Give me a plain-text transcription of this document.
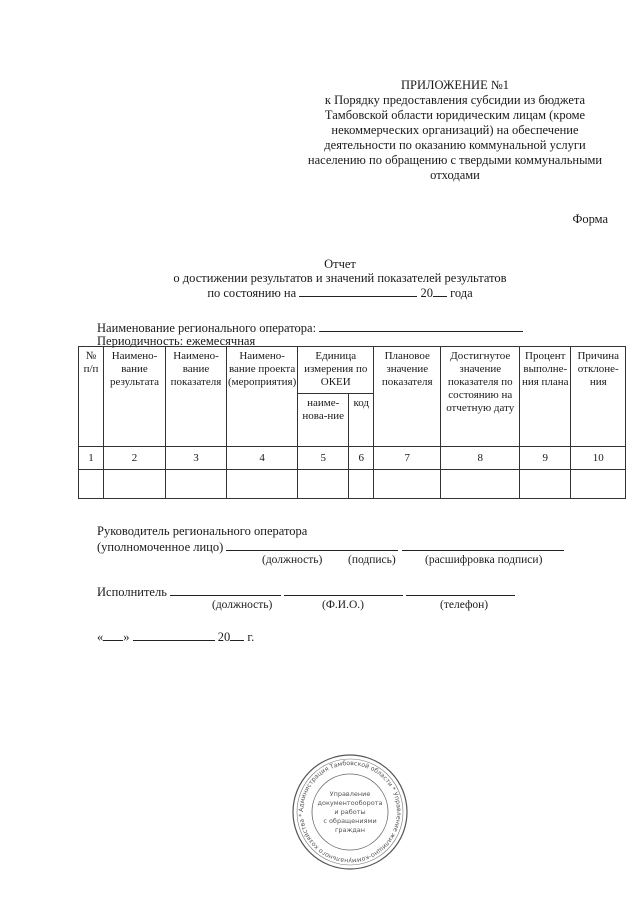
ПРИЛОЖЕНИЕ №1
к Порядку предоставления субсидии из бюджета
Тамбовской области юридическим лицам (кроме
некоммерческих организаций) на обеспечение
деятельности по оказанию коммунальной услуги
населению по обращению с твердыми коммунальными
отходами
Форма
Отчет
о достижении результатов и значений показателей результатов
по состоянию на	20 года
Наименование регионального оператора:
Периодичность: ежемесячная
№ п/п	Наимено-вание результата	Наимено-вание показателя	Наимено-вание проекта (мероприятия)	Единица измерения по ОКЕИ		Плановое значение показателя	Достигнутое значение показателя по состоянию на отчетную дату	Процент выполне-ния плана	Причина отклоне-ния
				наиме-нова-ние	код				
1	2	3	4	5	6	7	8	9	10

Руководитель регионального оператора
(уполномоченное лицо)
(должность) (подпись)	(расшифровка подписи)
Исполнитель
(должность)	(Ф.И.О.)	(телефон)
« »	20 г.
Администрация Тамбовской области * Управление жилищно-коммунального хозяйства *
Управление
документооборота
и работы
с обращениями
граждан
